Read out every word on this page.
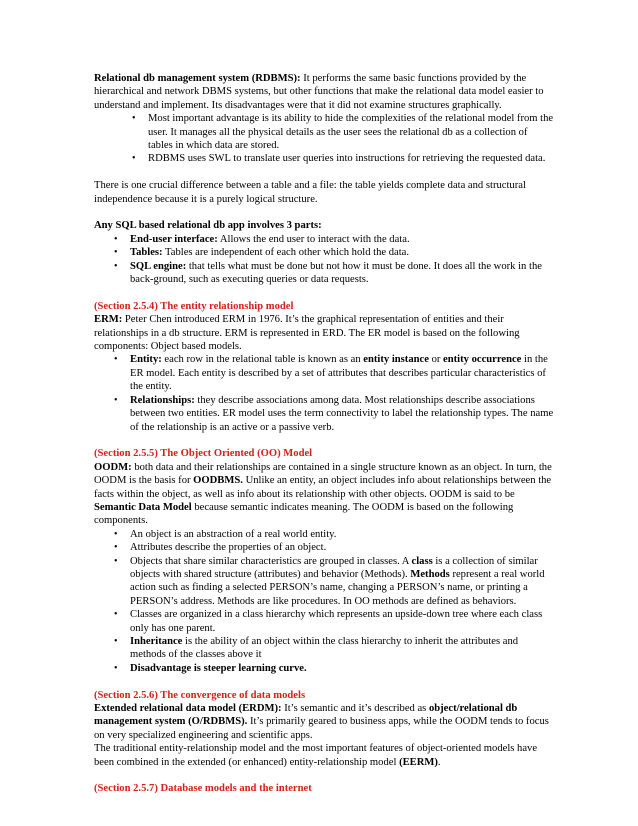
Relational db management system (RDBMS): It performs the same basic functions provided by the hierarchical and network DBMS systems, but other functions that make the relational data model easier to understand and implement. Its disadvantages were that it did not examine structures graphically.

• Most important advantage is its ability to hide the complexities of the relational model from the user. It manages all the physical details as the user sees the relational db as a collection of tables in which data are stored.
• RDBMS uses SWL to translate user queries into instructions for retrieving the requested data.

There is one crucial difference between a table and a file: the table yields complete data and structural independence because it is a purely logical structure.

Any SQL based relational db app involves 3 parts:

• End-user interface: Allows the end user to interact with the data.
• Tables: Tables are independent of each other which hold the data.
• SQL engine: that tells what must be done but not how it must be done. It does all the work in the back-ground, such as executing queries or data requests.

(Section 2.5.4) The entity relationship model

ERM: Peter Chen introduced ERM in 1976. It’s the graphical representation of entities and their relationships in a db structure. ERM is represented in ERD. The ER model is based on the following components: Object based models.

• Entity: each row in the relational table is known as an entity instance or entity occurrence in the ER model. Each entity is described by a set of attributes that describes particular characteristics of the entity.
• Relationships: they describe associations among data. Most relationships describe associations between two entities. ER model uses the term connectivity to label the relationship types. The name of the relationship is an active or a passive verb.

(Section 2.5.5) The Object Oriented (OO) Model

OODM: both data and their relationships are contained in a single structure known as an object. In turn, the OODM is the basis for OODBMS. Unlike an entity, an object includes info about relationships between the facts within the object, as well as info about its relationship with other objects. OODM is said to be Semantic Data Model because semantic indicates meaning. The OODM is based on the following components.

• An object is an abstraction of a real world entity.
• Attributes describe the properties of an object.
• Objects that share similar characteristics are grouped in classes. A class is a collection of similar objects with shared structure (attributes) and behavior (Methods). Methods represent a real world action such as finding a selected PERSON’s name, changing a PERSON’s name, or printing a PERSON’s address. Methods are like procedures. In OO methods are defined as behaviors.
• Classes are organized in a class hierarchy which represents an upside-down tree where each class only has one parent.
• Inheritance is the ability of an object within the class hierarchy to inherit the attributes and methods of the classes above it
• Disadvantage is steeper learning curve.

(Section 2.5.6) The convergence of data models

Extended relational data model (ERDM): It’s semantic and it’s described as object/relational db management system (O/RDBMS). It’s primarily geared to business apps, while the OODM tends to focus on very specialized engineering and scientific apps.

The traditional entity-relationship model and the most important features of object-oriented models have been combined in the extended (or enhanced) entity-relationship model (EERM).

(Section 2.5.7) Database models and the internet
